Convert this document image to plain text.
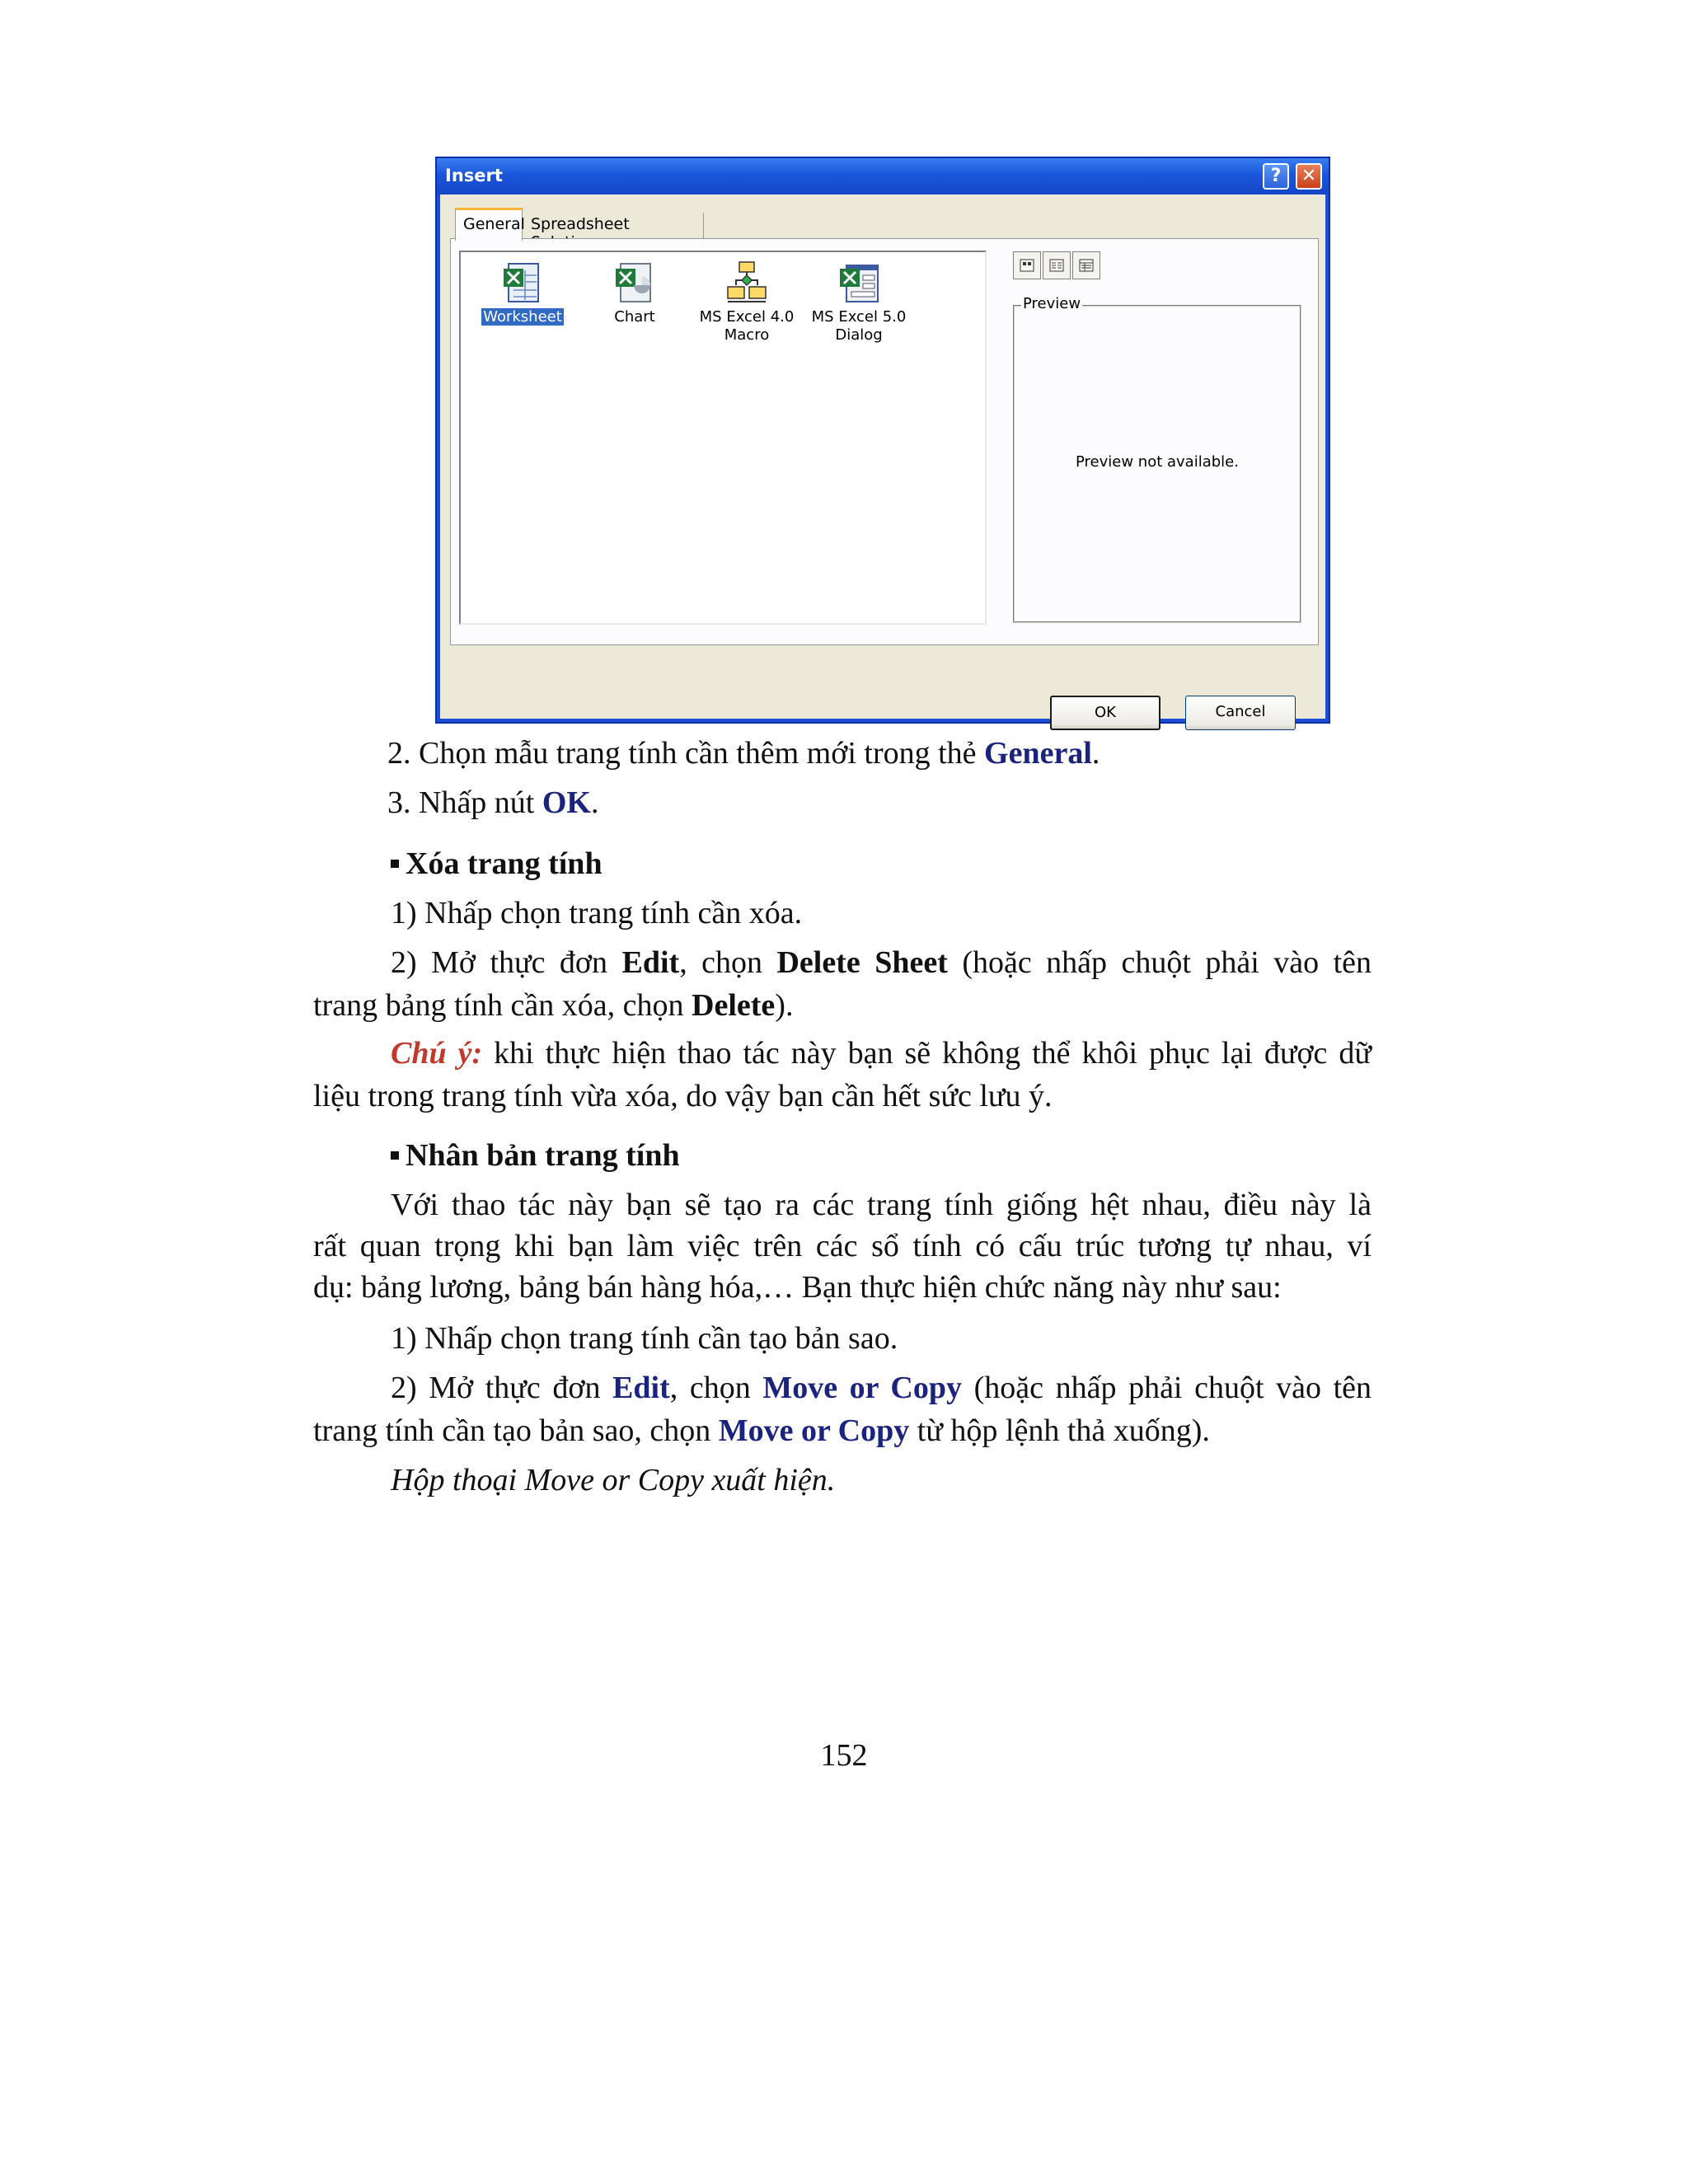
Insert	?	✕
General Spreadsheet
Worksheet	Chart	MS Excel 4.0 Macro
MS Excel 5.0 Dialog
Preview
Preview not available.
OK	Cancel
2. Chọn mẫu trang tính cần thêm mới trong thẻ General.
3. Nhấp nút OK.
Xóa trang tính
1) Nhấp chọn trang tính cần xóa.
2) Mở thực đơn Edit, chọn Delete Sheet (hoặc nhấp chuột phải vào tên
trang bảng tính cần xóa, chọn Delete).
Chú ý: khi thực hiện thao tác này bạn sẽ không thể khôi phục lại được dữ
liệu trong trang tính vừa xóa, do vậy bạn cần hết sức lưu ý.
Nhân bản trang tính
Với thao tác này bạn sẽ tạo ra các trang tính giống hệt nhau, điều này là
rất quan trọng khi bạn làm việc trên các sổ tính có cấu trúc tương tự nhau, ví
dụ: bảng lương, bảng bán hàng hóa,… Bạn thực hiện chức năng này như sau:
1) Nhấp chọn trang tính cần tạo bản sao.
2) Mở thực đơn Edit, chọn Move or Copy (hoặc nhấp phải chuột vào tên
trang tính cần tạo bản sao, chọn Move or Copy từ hộp lệnh thả xuống).
Hộp thoại Move or Copy xuất hiện.
152
